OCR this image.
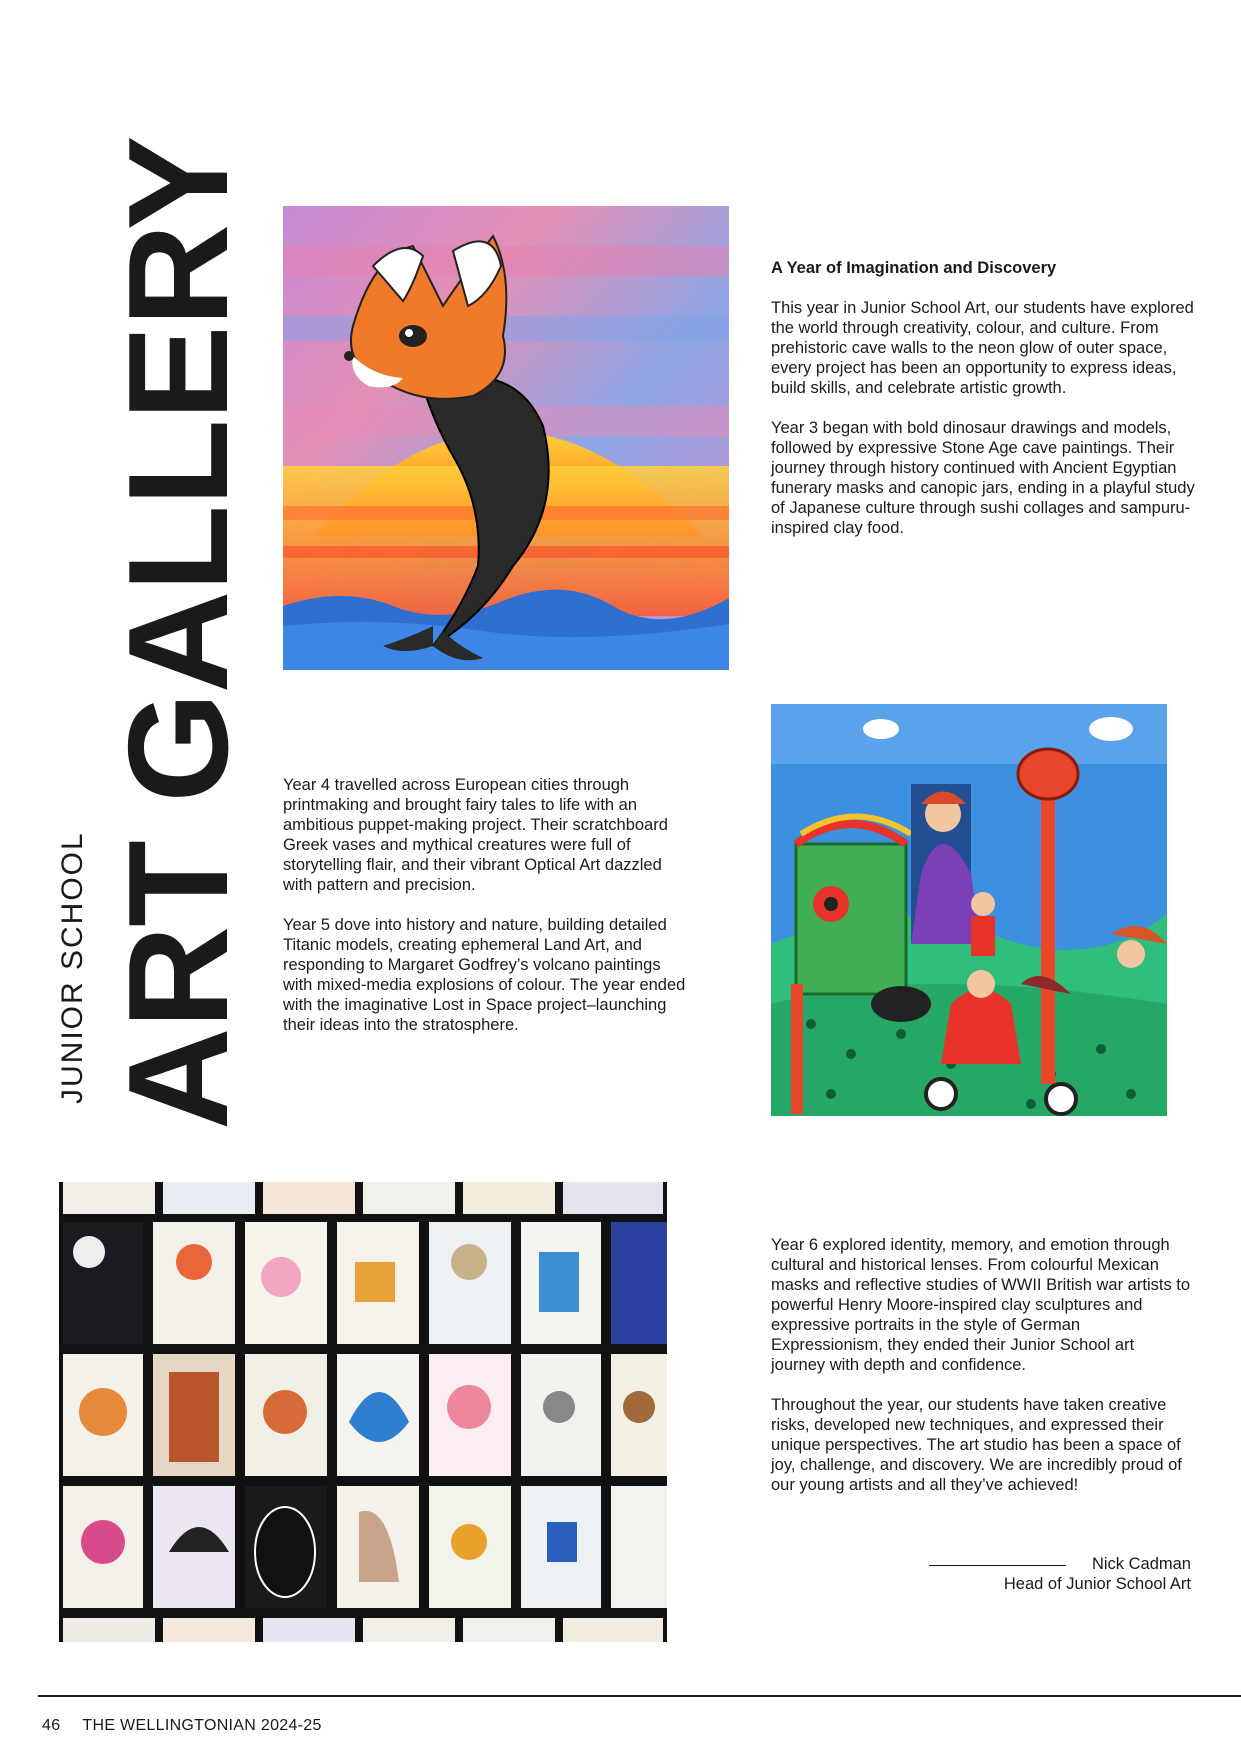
ART GALLERY
JUNIOR SCHOOL
A Year of Imagination and Discovery

This year in Junior School Art, our students have explored the world through creativity, colour, and culture. From prehistoric cave walls to the neon glow of outer space, every project has been an opportunity to express ideas, build skills, and celebrate artistic growth.

Year 3 began with bold dinosaur drawings and models, followed by expressive Stone Age cave paintings. Their journey through history continued with Ancient Egyptian funerary masks and canopic jars, ending in a playful study of Japanese culture through sushi collages and sampuru-inspired clay food.

Year 4 travelled across European cities through printmaking and brought fairy tales to life with an ambitious puppet-making project. Their scratchboard Greek vases and mythical creatures were full of storytelling flair, and their vibrant Optical Art dazzled with pattern and precision.

Year 5 dove into history and nature, building detailed Titanic models, creating ephemeral Land Art, and responding to Margaret Godfrey’s volcano paintings with mixed-media explosions of colour. The year ended with the imaginative Lost in Space project–launching their ideas into the stratosphere.

Year 6 explored identity, memory, and emotion through cultural and historical lenses. From colourful Mexican masks and reflective studies of WWII British war artists to powerful Henry Moore-inspired clay sculptures and expressive portraits in the style of German Expressionism, they ended their Junior School art journey with depth and confidence.

Throughout the year, our students have taken creative risks, developed new techniques, and expressed their unique perspectives. The art studio has been a space of joy, challenge, and discovery. We are incredibly proud of our young artists and all they’ve achieved!

Nick Cadman
Head of Junior School Art
46 THE WELLINGTONIAN 2024-25
